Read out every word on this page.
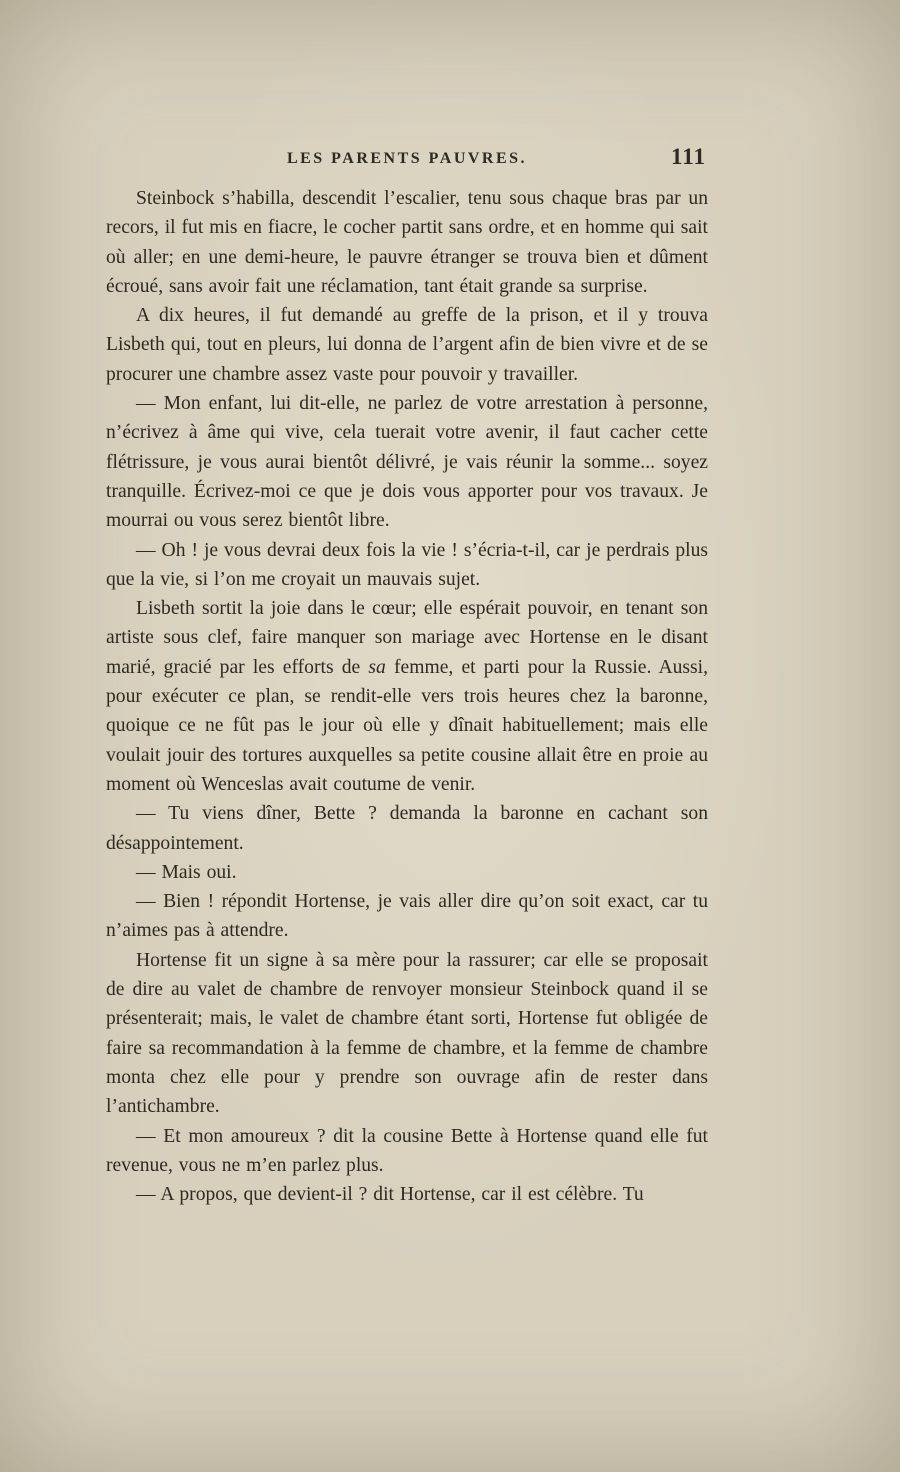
LES PARENTS PAUVRES.	111

Steinbock s’habilla, descendit l’escalier, tenu sous chaque bras par un recors, il fut mis en fiacre, le cocher partit sans ordre, et en homme qui sait où aller; en une demi-heure, le pauvre étranger se trouva bien et dûment écroué, sans avoir fait une réclamation, tant était grande sa surprise.

A dix heures, il fut demandé au greffe de la prison, et il y trouva Lisbeth qui, tout en pleurs, lui donna de l’argent afin de bien vivre et de se procurer une chambre assez vaste pour pouvoir y travailler.

— Mon enfant, lui dit-elle, ne parlez de votre arrestation à personne, n’écrivez à âme qui vive, cela tuerait votre avenir, il faut cacher cette flétrissure, je vous aurai bientôt délivré, je vais réunir la somme... soyez tranquille. Écrivez-moi ce que je dois vous apporter pour vos travaux. Je mourrai ou vous serez bientôt libre.

— Oh ! je vous devrai deux fois la vie ! s’écria-t-il, car je perdrais plus que la vie, si l’on me croyait un mauvais sujet.

Lisbeth sortit la joie dans le cœur; elle espérait pouvoir, en tenant son artiste sous clef, faire manquer son mariage avec Hortense en le disant marié, gracié par les efforts de sa femme, et parti pour la Russie. Aussi, pour exécuter ce plan, se rendit-elle vers trois heures chez la baronne, quoique ce ne fût pas le jour où elle y dînait habituellement; mais elle voulait jouir des tortures auxquelles sa petite cousine allait être en proie au moment où Wenceslas avait coutume de venir.

— Tu viens dîner, Bette ? demanda la baronne en cachant son désappointement.

— Mais oui.

— Bien ! répondit Hortense, je vais aller dire qu’on soit exact, car tu n’aimes pas à attendre.

Hortense fit un signe à sa mère pour la rassurer; car elle se proposait de dire au valet de chambre de renvoyer monsieur Steinbock quand il se présenterait; mais, le valet de chambre étant sorti, Hortense fut obligée de faire sa recommandation à la femme de chambre, et la femme de chambre monta chez elle pour y prendre son ouvrage afin de rester dans l’antichambre.

— Et mon amoureux ? dit la cousine Bette à Hortense quand elle fut revenue, vous ne m’en parlez plus.

— A propos, que devient-il ? dit Hortense, car il est célèbre. Tu
